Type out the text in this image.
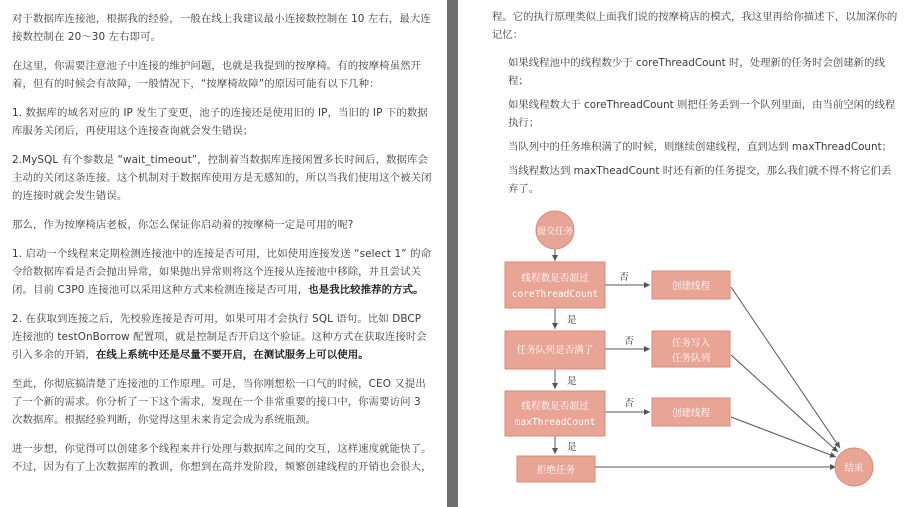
对于数据库连接池，根据我的经验，一般在线上我建议最小连接数控制在 10 左右，最大连接数控制在 20～30 左右即可。

在这里，你需要注意池子中连接的维护问题，也就是我提到的按摩椅。有的按摩椅虽然开着，但有的时候会有故障，一般情况下，“按摩椅故障”的原因可能有以下几种：

1. 数据库的域名对应的 IP 发生了变更，池子的连接还是使用旧的 IP，当旧的 IP 下的数据库服务关闭后，再使用这个连接查询就会发生错误；

2.MySQL 有个参数是 “wait_timeout”，控制着当数据库连接闲置多长时间后，数据库会主动的关闭这条连接。这个机制对于数据库使用方是无感知的，所以当我们使用这个被关闭的连接时就会发生错误。

那么，作为按摩椅店老板，你怎么保证你启动着的按摩椅一定是可用的呢?

1. 启动一个线程来定期检测连接池中的连接是否可用，比如使用连接发送 “select 1” 的命令给数据库看是否会抛出异常，如果抛出异常则将这个连接从连接池中移除，并且尝试关闭。目前 C3P0 连接池可以采用这种方式来检测连接是否可用，也是我比较推荐的方式。

2. 在获取到连接之后，先校验连接是否可用，如果可用才会执行 SQL 语句。比如 DBCP 连接池的 testOnBorrow 配置项，就是控制是否开启这个验证。这种方式在获取连接时会引入多余的开销，在线上系统中还是尽量不要开启，在测试服务上可以使用。

至此，你彻底搞清楚了连接池的工作原理。可是，当你刚想松一口气的时候，CEO 又提出了一个新的需求。你分析了一下这个需求，发现在一个非常重要的接口中，你需要访问 3 次数据库。根据经验判断，你觉得这里未来肯定会成为系统瓶颈。

进一步想，你觉得可以创建多个线程来并行处理与数据库之间的交互，这样速度就能快了。不过，因为有了上次数据库的教训，你想到在高并发阶段，频繁创建线程的开销也会很大，

程。它的执行原理类似上面我们说的按摩椅店的模式，我这里再给你描述下，以加深你的记忆：

如果线程池中的线程数少于 coreThreadCount 时，处理新的任务时会创建新的线程；

如果线程数大于 coreThreadCount 则把任务丢到一个队列里面，由当前空闲的线程执行；

当队列中的任务堆积满了的时候，则继续创建线程，直到达到 maxThreadCount；

当线程数达到 maxTheadCount 时还有新的任务提交，那么我们就不得不将它们丢弃了。

提交任务
线程数是否超过
coreThreadCount
否
是
创建线程
任务队列是否满了
否
是
任务写入
任务队列
线程数是否超过
maxThreadCount
否
是
创建线程
拒绝任务	结束
